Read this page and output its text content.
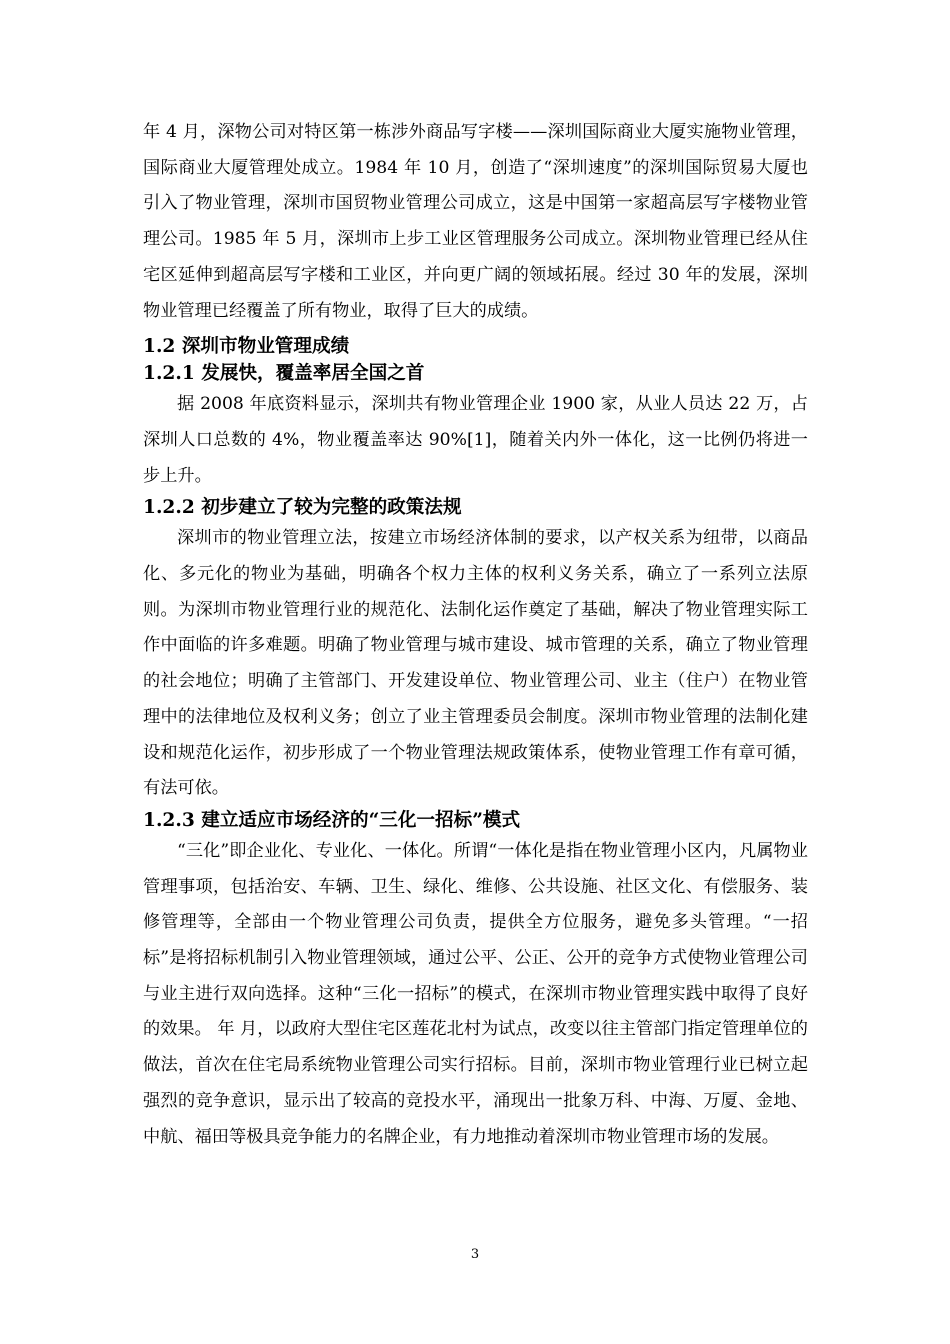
年 4 月，深物公司对特区第一栋涉外商品写字楼——深圳国际商业大厦实施物业管理，国际商业大厦管理处成立。1984 年 10 月，创造了“深圳速度”的深圳国际贸易大厦也引入了物业管理，深圳市国贸物业管理公司成立，这是中国第一家超高层写字楼物业管理公司。1985 年 5 月，深圳市上步工业区管理服务公司成立。深圳物业管理已经从住宅区延伸到超高层写字楼和工业区，并向更广阔的领域拓展。经过 30 年的发展，深圳物业管理已经覆盖了所有物业，取得了巨大的成绩。

1.2 深圳市物业管理成绩
1.2.1 发展快，覆盖率居全国之首

据 2008 年底资料显示，深圳共有物业管理企业 1900 家，从业人员达 22 万，占深圳人口总数的 4%，物业覆盖率达 90%[1]，随着关内外一体化，这一比例仍将进一步上升。

1.2.2 初步建立了较为完整的政策法规

深圳市的物业管理立法，按建立市场经济体制的要求，以产权关系为纽带，以商品化、多元化的物业为基础，明确各个权力主体的权利义务关系，确立了一系列立法原则。为深圳市物业管理行业的规范化、法制化运作奠定了基础，解决了物业管理实际工作中面临的许多难题。明确了物业管理与城市建设、城市管理的关系，确立了物业管理的社会地位；明确了主管部门、开发建设单位、物业管理公司、业主（住户）在物业管理中的法律地位及权利义务；创立了业主管理委员会制度。深圳市物业管理的法制化建设和规范化运作，初步形成了一个物业管理法规政策体系，使物业管理工作有章可循，有法可依。

1.2.3 建立适应市场经济的“三化一招标”模式

“三化”即企业化、专业化、一体化。所谓“一体化是指在物业管理小区内，凡属物业管理事项，包括治安、车辆、卫生、绿化、维修、公共设施、社区文化、有偿服务、装修管理等，全部由一个物业管理公司负责，提供全方位服务，避免多头管理。“一招标”是将招标机制引入物业管理领域，通过公平、公正、公开的竞争方式使物业管理公司与业主进行双向选择。这种“三化一招标”的模式，在深圳市物业管理实践中取得了良好的效果。 年 月，以政府大型住宅区莲花北村为试点，改变以往主管部门指定管理单位的做法，首次在住宅局系统物业管理公司实行招标。目前，深圳市物业管理行业已树立起强烈的竞争意识，显示出了较高的竞投水平，涌现出一批象万科、中海、万厦、金地、中航、福田等极具竞争能力的名牌企业，有力地推动着深圳市物业管理市场的发展。

3
